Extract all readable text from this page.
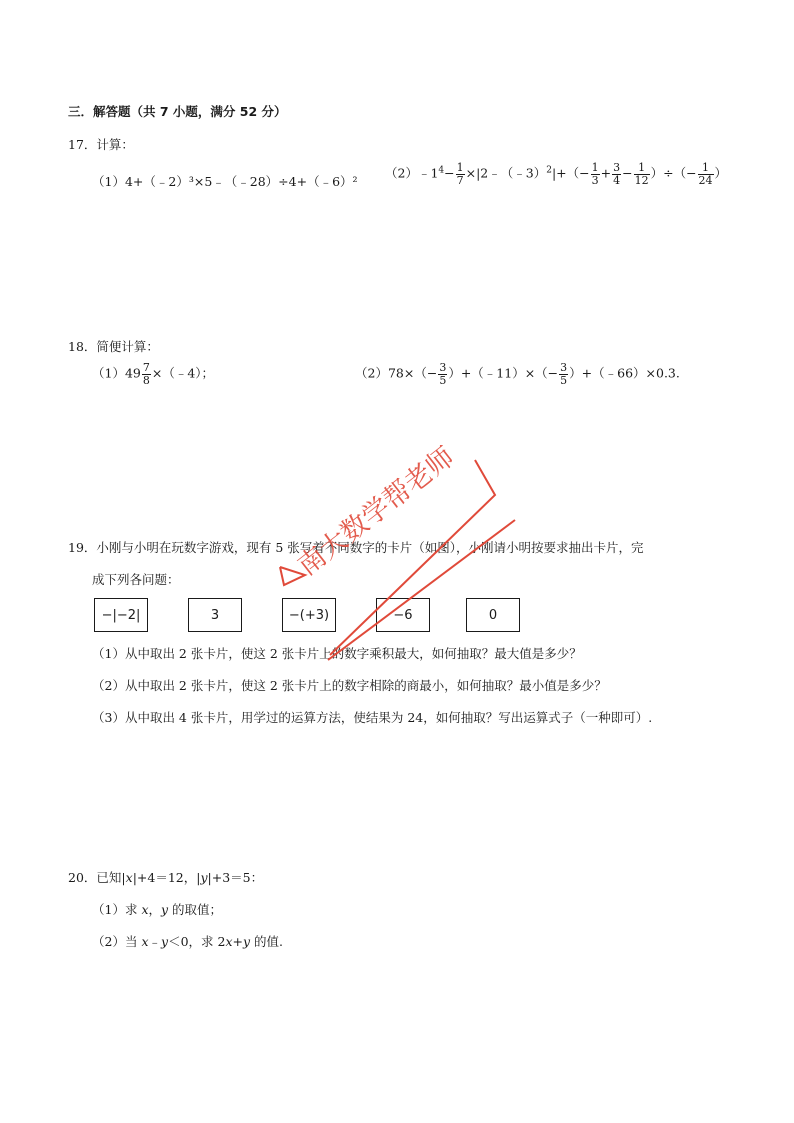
三．解答题（共 7 小题，满分 52 分）
17．计算：
（1）4+（﹣2）³×5﹣（﹣28）÷4+（﹣6）²
$(2)﹣1^4- \frac{1}{7}$ ×|2﹣（﹣3）$^2$|+（− $\frac{1}{3} + \frac{3}{4} - \frac{1}{12}$ ）÷（− $\frac{1}{24}$ ）
18．简便计算：
$(1)49 \frac{7}{8}$ ×（﹣4）；	$(2)78\times(- \frac{3}{5}$ ）+（﹣11）×（− $\frac{3}{5}$ ）+（﹣66）×0.3.
19．小刚与小明在玩数字游戏，现有 5 张写着不同数字的卡片（如图），小刚请小明按要求抽出卡片，完
成下列各问题：
−|−2|	3	−(+3)	−6	0
（1）从中取出 2 张卡片，使这 2 张卡片上的数字乘积最大，如何抽取？最大值是多少？
（2）从中取出 2 张卡片，使这 2 张卡片上的数字相除的商最小，如何抽取？最小值是多少？
（3）从中取出 4 张卡片，用学过的运算方法，使结果为 24，如何抽取？写出运算式子（一种即可）.
20．已知|x|+4＝12，|y|+3＝5：
（1）求 x，y 的取值；
（2）当 x﹣y＜0，求 2x+y 的值.
南大数学帮老师
